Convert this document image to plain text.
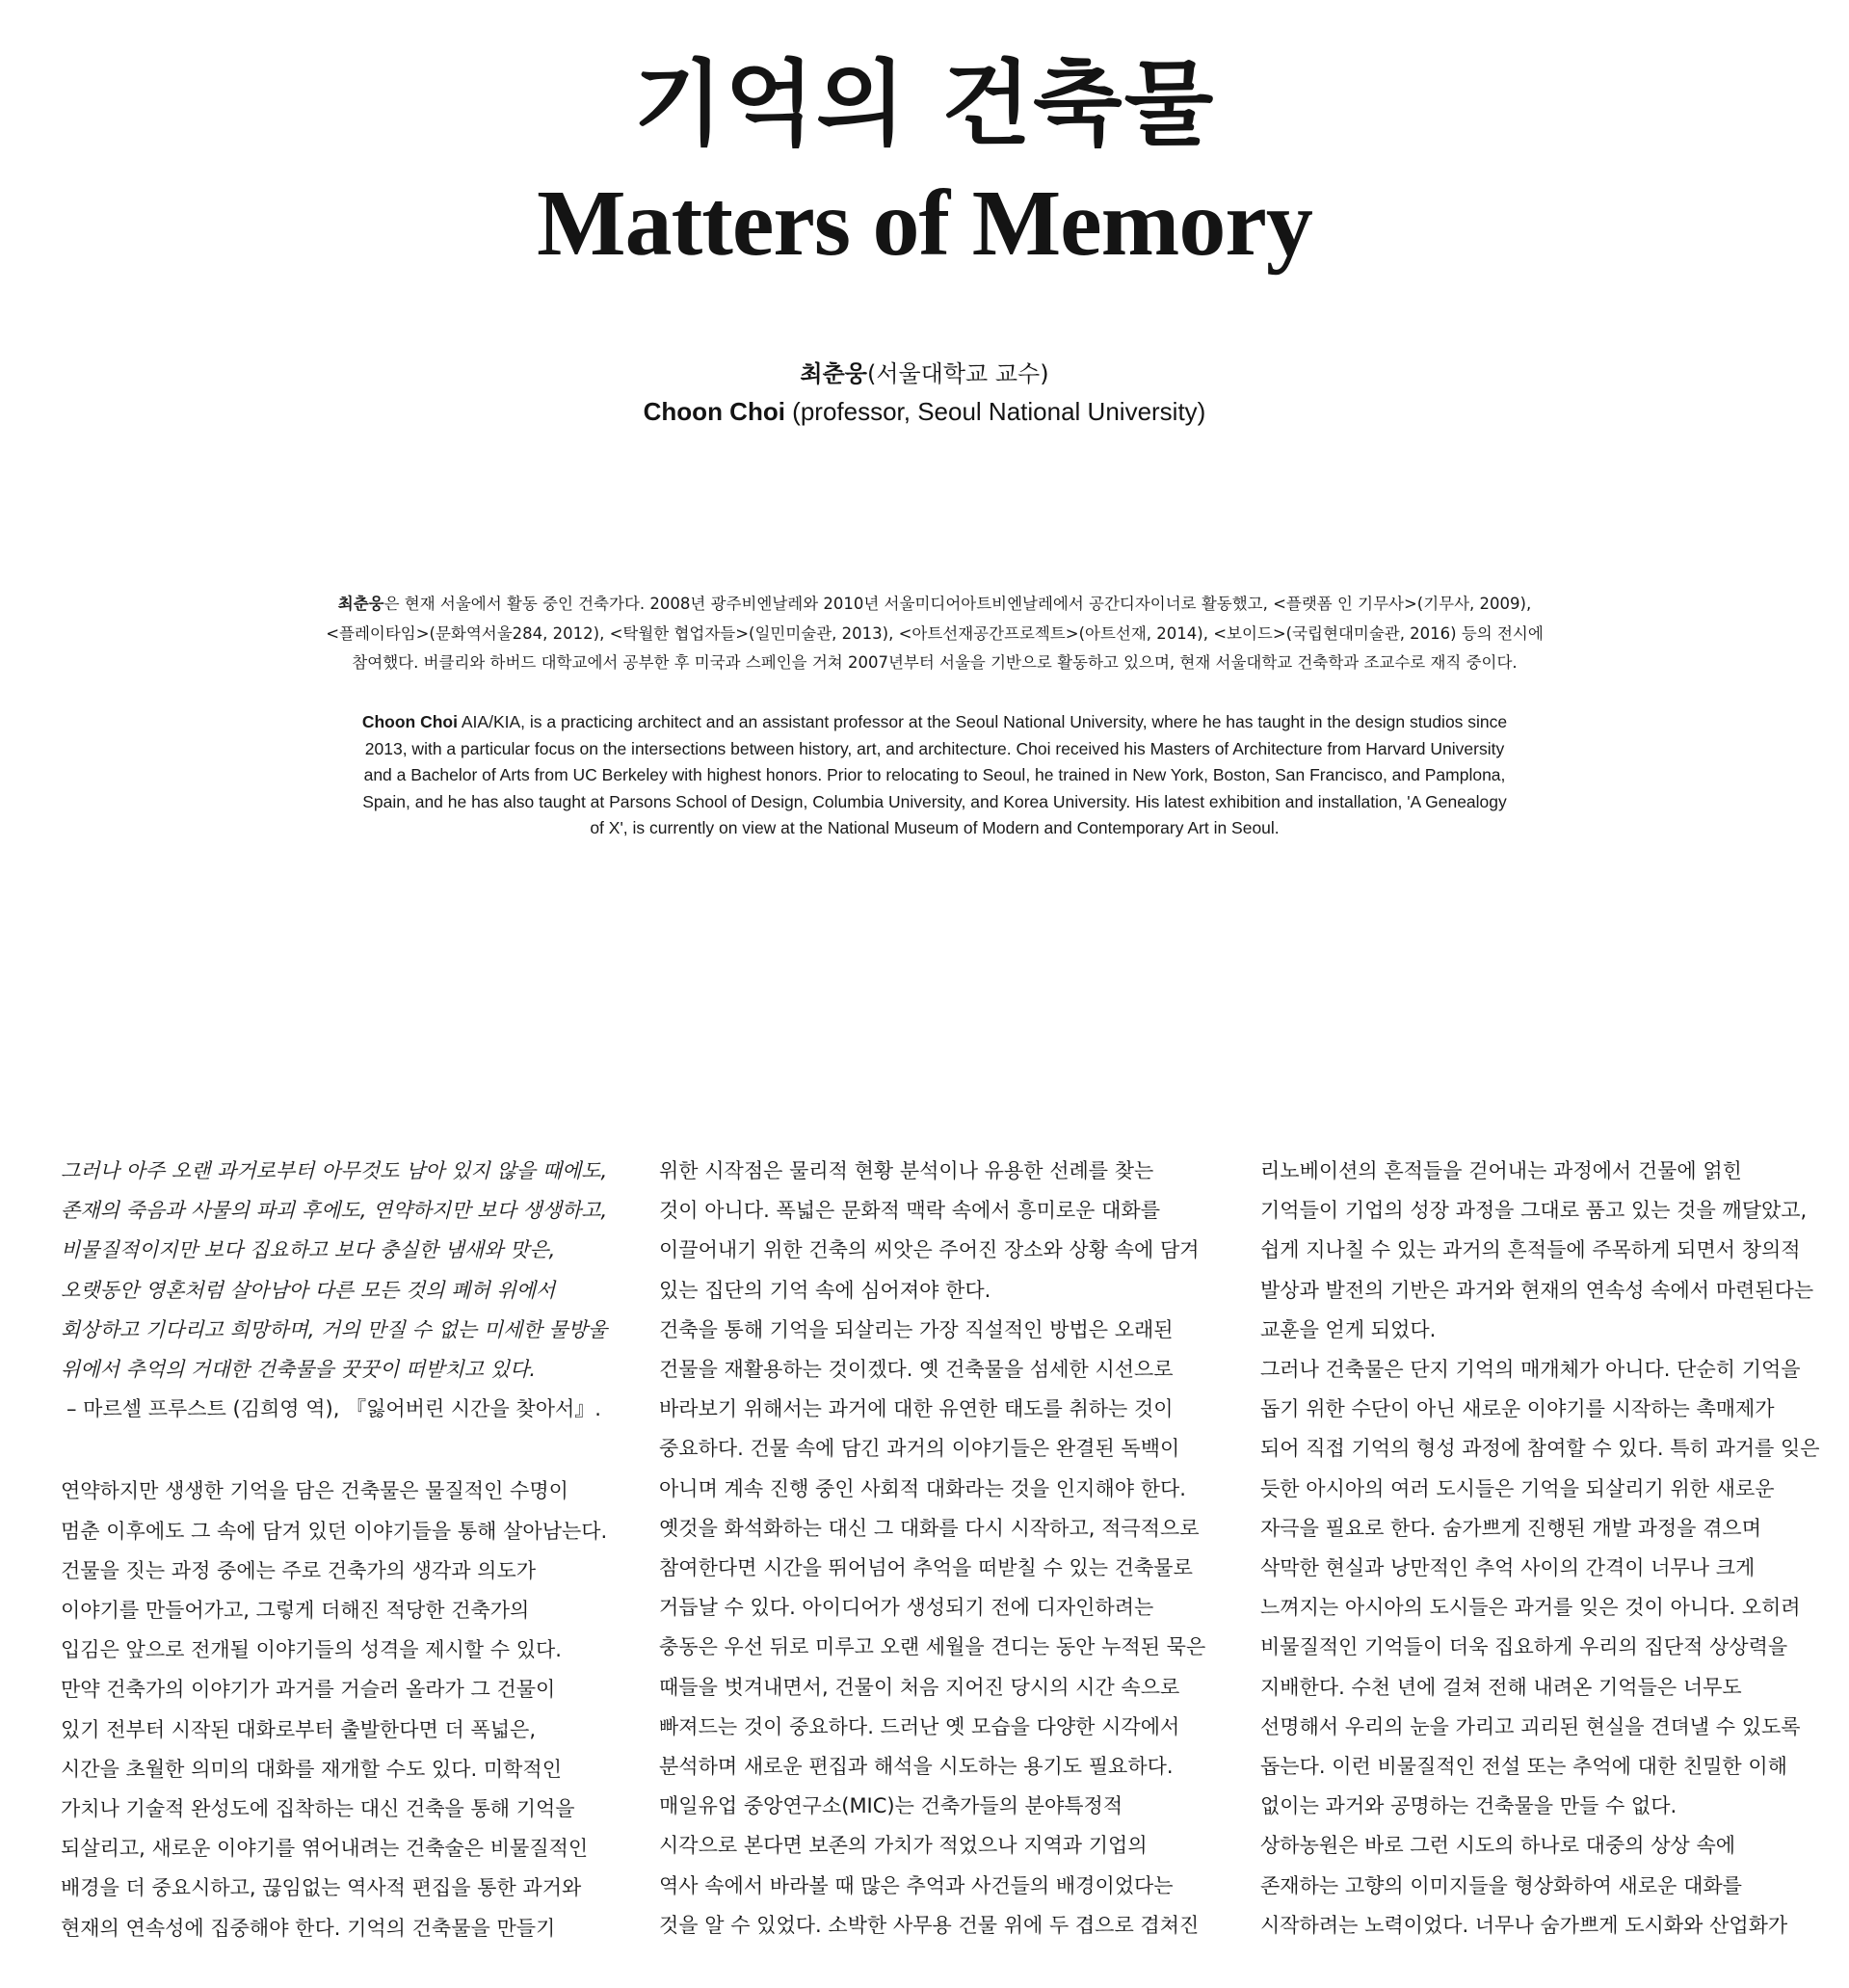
기억의 건축물
Matters of Memory
최춘웅(서울대학교 교수)
Choon Choi (professor, Seoul National University)
최춘웅은 현재 서울에서 활동 중인 건축가다. 2008년 광주비엔날레와 2010년 서울미디어아트비엔날레에서 공간디자이너로 활동했고, <플랫폼 인 기무사>(기무사, 2009),
<플레이타임>(문화역서울284, 2012), <탁월한 협업자들>(일민미술관, 2013), <아트선재공간프로젝트>(아트선재, 2014), <보이드>(국립현대미술관, 2016) 등의 전시에
참여했다. 버클리와 하버드 대학교에서 공부한 후 미국과 스페인을 거쳐 2007년부터 서울을 기반으로 활동하고 있으며, 현재 서울대학교 건축학과 조교수로 재직 중이다.
Choon Choi AIA/KIA, is a practicing architect and an assistant professor at the Seoul National University, where he has taught in the design studios since
2013, with a particular focus on the intersections between history, art, and architecture. Choi received his Masters of Architecture from Harvard University
and a Bachelor of Arts from UC Berkeley with highest honors. Prior to relocating to Seoul, he trained in New York, Boston, San Francisco, and Pamplona,
Spain, and he has also taught at Parsons School of Design, Columbia University, and Korea University. His latest exhibition and installation, 'A Genealogy
of X', is currently on view at the National Museum of Modern and Contemporary Art in Seoul.
그러나 아주 오랜 과거로부터 아무것도 남아 있지 않을 때에도,
존재의 죽음과 사물의 파괴 후에도, 연약하지만 보다 생생하고,
비물질적이지만 보다 집요하고 보다 충실한 냄새와 맛은,
오랫동안 영혼처럼 살아남아 다른 모든 것의 폐허 위에서
회상하고 기다리고 희망하며, 거의 만질 수 없는 미세한 물방울
위에서 추억의 거대한 건축물을 꿋꿋이 떠받치고 있다.
– 마르셀 프루스트 (김희영 역), 『잃어버린 시간을 찾아서』.
연약하지만 생생한 기억을 담은 건축물은 물질적인 수명이
멈춘 이후에도 그 속에 담겨 있던 이야기들을 통해 살아남는다.
건물을 짓는 과정 중에는 주로 건축가의 생각과 의도가
이야기를 만들어가고, 그렇게 더해진 적당한 건축가의
입김은 앞으로 전개될 이야기들의 성격을 제시할 수 있다.
만약 건축가의 이야기가 과거를 거슬러 올라가 그 건물이
있기 전부터 시작된 대화로부터 출발한다면 더 폭넓은,
시간을 초월한 의미의 대화를 재개할 수도 있다. 미학적인
가치나 기술적 완성도에 집착하는 대신 건축을 통해 기억을
되살리고, 새로운 이야기를 엮어내려는 건축술은 비물질적인
배경을 더 중요시하고, 끊임없는 역사적 편집을 통한 과거와
현재의 연속성에 집중해야 한다. 기억의 건축물을 만들기
위한 시작점은 물리적 현황 분석이나 유용한 선례를 찾는
것이 아니다. 폭넓은 문화적 맥락 속에서 흥미로운 대화를
이끌어내기 위한 건축의 씨앗은 주어진 장소와 상황 속에 담겨
있는 집단의 기억 속에 심어져야 한다.
건축을 통해 기억을 되살리는 가장 직설적인 방법은 오래된
건물을 재활용하는 것이겠다. 옛 건축물을 섬세한 시선으로
바라보기 위해서는 과거에 대한 유연한 태도를 취하는 것이
중요하다. 건물 속에 담긴 과거의 이야기들은 완결된 독백이
아니며 계속 진행 중인 사회적 대화라는 것을 인지해야 한다.
옛것을 화석화하는 대신 그 대화를 다시 시작하고, 적극적으로
참여한다면 시간을 뛰어넘어 추억을 떠받칠 수 있는 건축물로
거듭날 수 있다. 아이디어가 생성되기 전에 디자인하려는
충동은 우선 뒤로 미루고 오랜 세월을 견디는 동안 누적된 묵은
때들을 벗겨내면서, 건물이 처음 지어진 당시의 시간 속으로
빠져드는 것이 중요하다. 드러난 옛 모습을 다양한 시각에서
분석하며 새로운 편집과 해석을 시도하는 용기도 필요하다.
매일유업 중앙연구소(MIC)는 건축가들의 분야특정적
시각으로 본다면 보존의 가치가 적었으나 지역과 기업의
역사 속에서 바라볼 때 많은 추억과 사건들의 배경이었다는
것을 알 수 있었다. 소박한 사무용 건물 위에 두 겹으로 겹쳐진
리노베이션의 흔적들을 걷어내는 과정에서 건물에 얽힌
기억들이 기업의 성장 과정을 그대로 품고 있는 것을 깨달았고,
쉽게 지나칠 수 있는 과거의 흔적들에 주목하게 되면서 창의적
발상과 발전의 기반은 과거와 현재의 연속성 속에서 마련된다는
교훈을 얻게 되었다.
그러나 건축물은 단지 기억의 매개체가 아니다. 단순히 기억을
돕기 위한 수단이 아닌 새로운 이야기를 시작하는 촉매제가
되어 직접 기억의 형성 과정에 참여할 수 있다. 특히 과거를 잊은
듯한 아시아의 여러 도시들은 기억을 되살리기 위한 새로운
자극을 필요로 한다. 숨가쁘게 진행된 개발 과정을 겪으며
삭막한 현실과 낭만적인 추억 사이의 간격이 너무나 크게
느껴지는 아시아의 도시들은 과거를 잊은 것이 아니다. 오히려
비물질적인 기억들이 더욱 집요하게 우리의 집단적 상상력을
지배한다. 수천 년에 걸쳐 전해 내려온 기억들은 너무도
선명해서 우리의 눈을 가리고 괴리된 현실을 견뎌낼 수 있도록
돕는다. 이런 비물질적인 전설 또는 추억에 대한 친밀한 이해
없이는 과거와 공명하는 건축물을 만들 수 없다.
상하농원은 바로 그런 시도의 하나로 대중의 상상 속에
존재하는 고향의 이미지들을 형상화하여 새로운 대화를
시작하려는 노력이었다. 너무나 숨가쁘게 도시화와 산업화가
